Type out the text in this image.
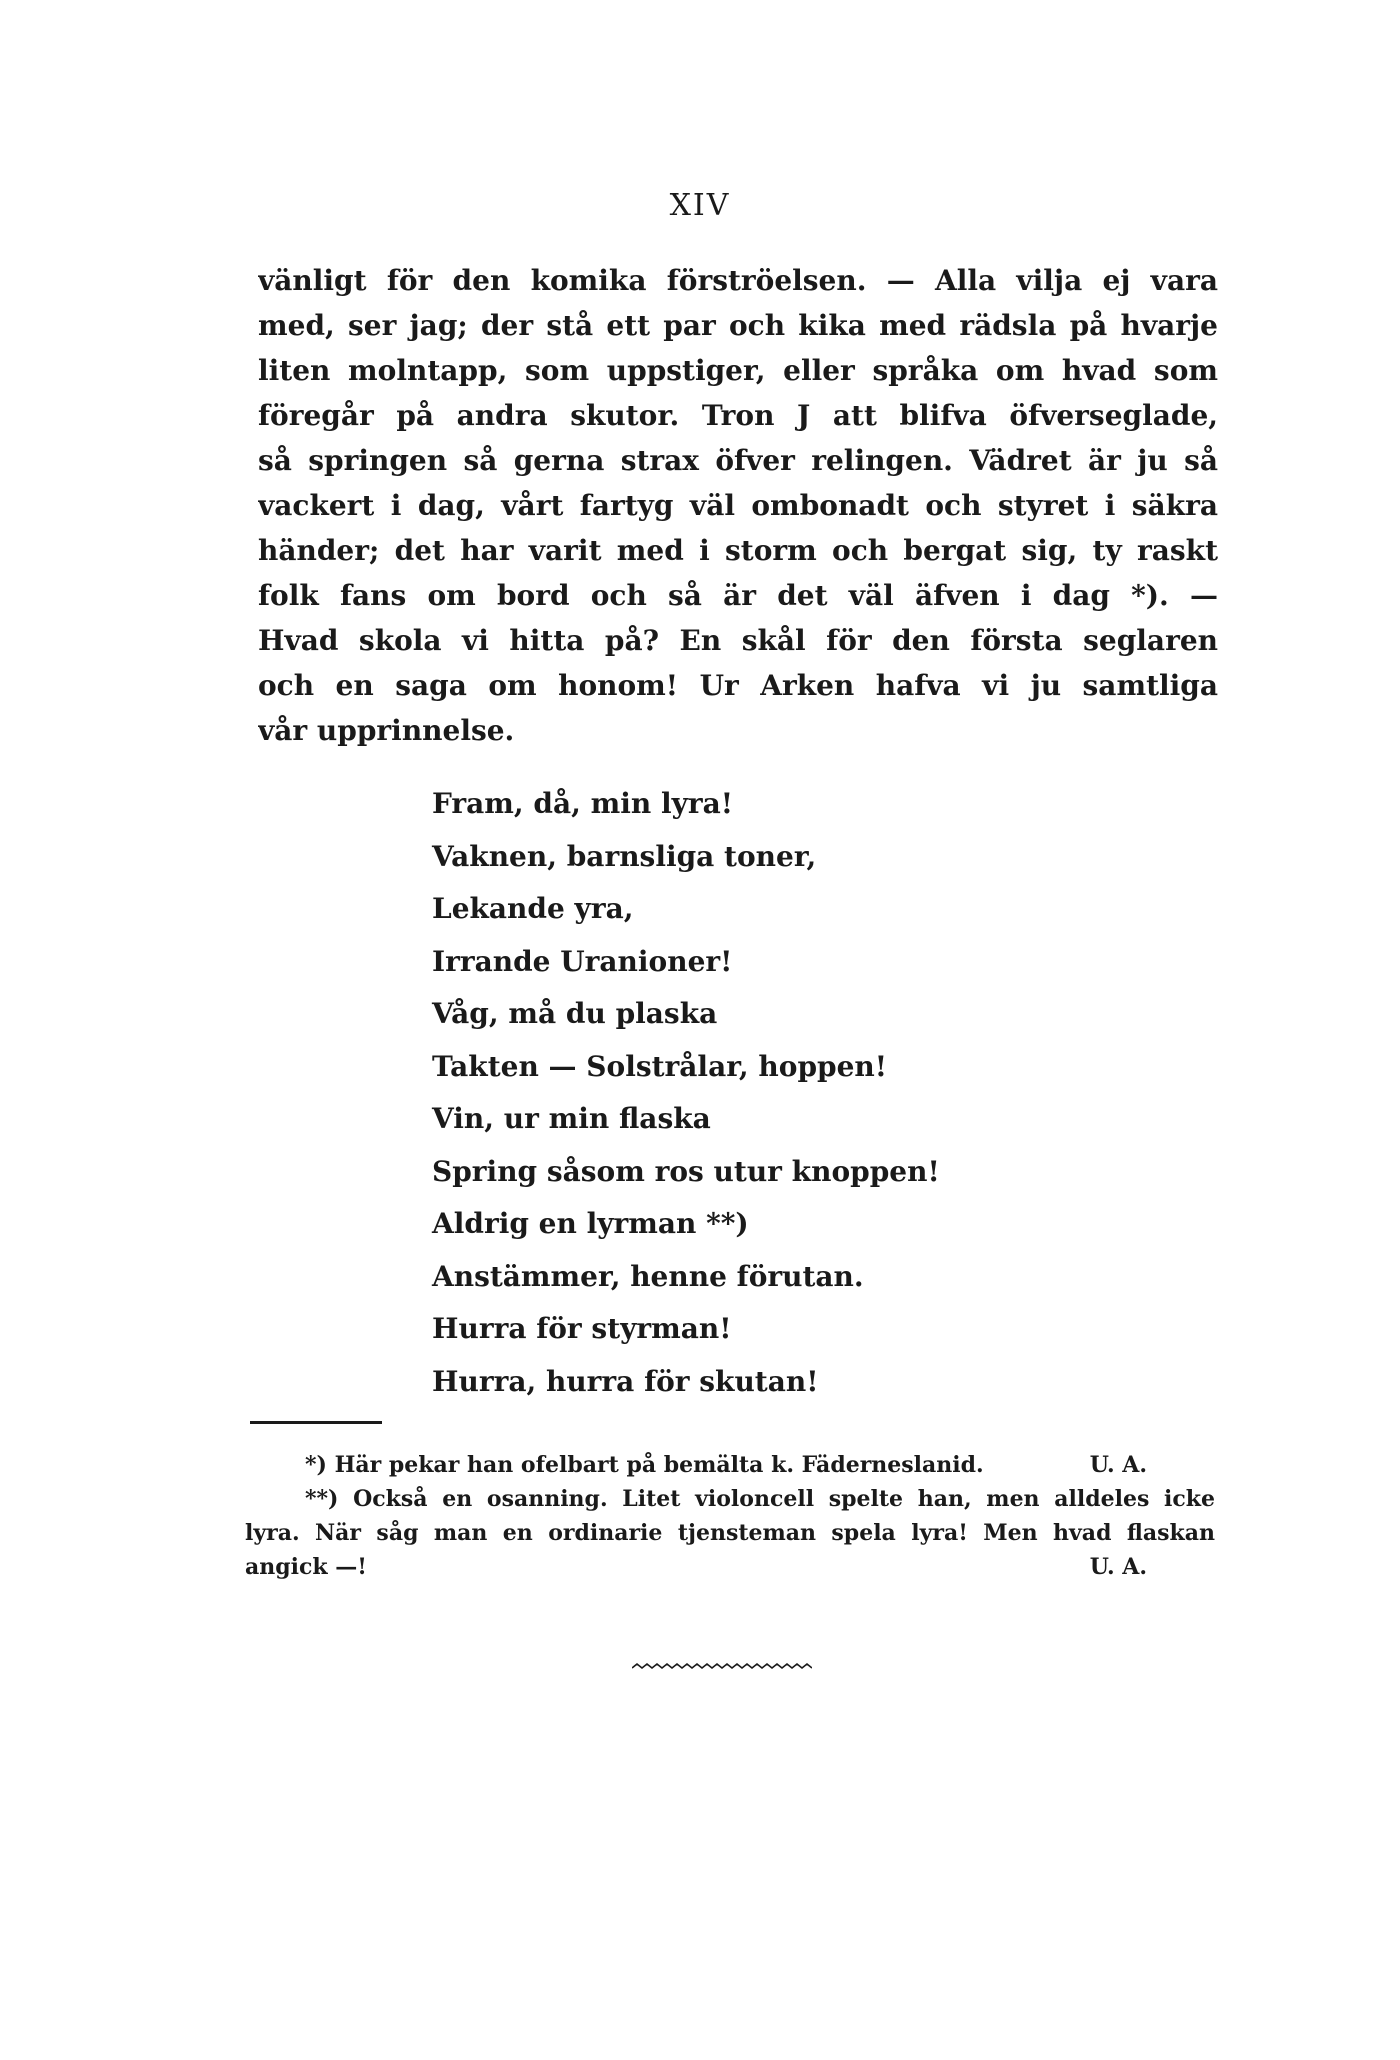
XIV
vänligt för den komika förströelsen. — Alla vilja ej vara
med, ser jag; der stå ett par och kika med rädsla på hvarje
liten molntapp, som uppstiger, eller språka om hvad som
föregår på andra skutor. Tron J att blifva öfverseglade,
så springen så gerna strax öfver relingen. Vädret är ju så
vackert i dag, vårt fartyg väl ombonadt och styret i säkra
händer; det har varit med i storm och bergat sig, ty raskt
folk fans om bord och så är det väl äfven i dag *). —
Hvad skola vi hitta på? En skål för den första seglaren
och en saga om honom! Ur Arken hafva vi ju samtliga
vår upprinnelse.
Fram, då, min lyra!
Vaknen, barnsliga toner,
Lekande yra,
Irrande Uranioner!
Våg, må du plaska
Takten — Solstrålar, hoppen!
Vin, ur min flaska
Spring såsom ros utur knoppen!
Aldrig en lyrman **)
Anstämmer, henne förutan.
Hurra för styrman!
Hurra, hurra för skutan!
*) Här pekar han ofelbart på bemälta k. Fäderneslanid.	U. A.
**) Också en osanning. Litet violoncell spelte han, men alldeles icke
lyra. När såg man en ordinarie tjensteman spela lyra! Men hvad flaskan
angick —!	U. A.
